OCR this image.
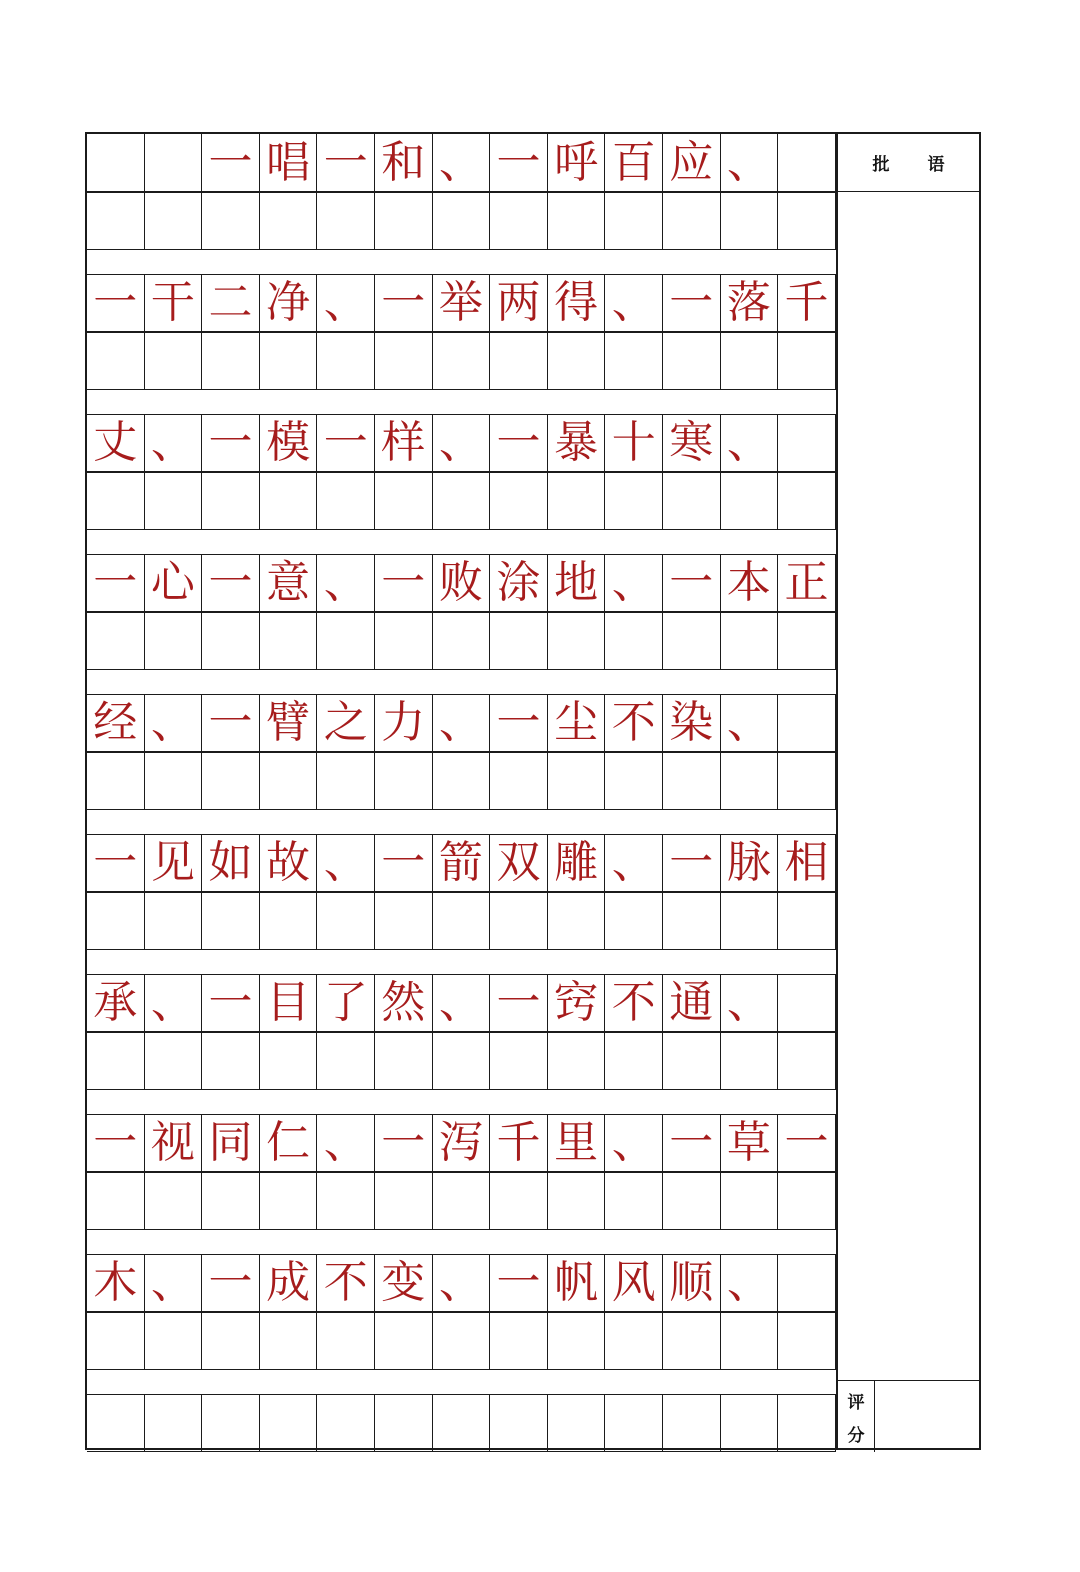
一 唱 一 和 、 一 呼 百 应 、
一 干 二 净 、 一 举 两 得 、 一 落 千
丈 、 一 模 一 样 、 一 暴 十 寒 、
一 心 一 意 、 一 败 涂 地 、 一 本 正
经 、 一 臂 之 力 、 一 尘 不 染 、
一 见 如 故 、 一 箭 双 雕 、 一 脉 相
承 、 一 目 了 然 、 一 窍 不 通 、
一 视 同 仁 、 一 泻 千 里 、 一 草 一
木 、 一 成 不 变 、 一 帆 风 顺 、
批 语
评
分
